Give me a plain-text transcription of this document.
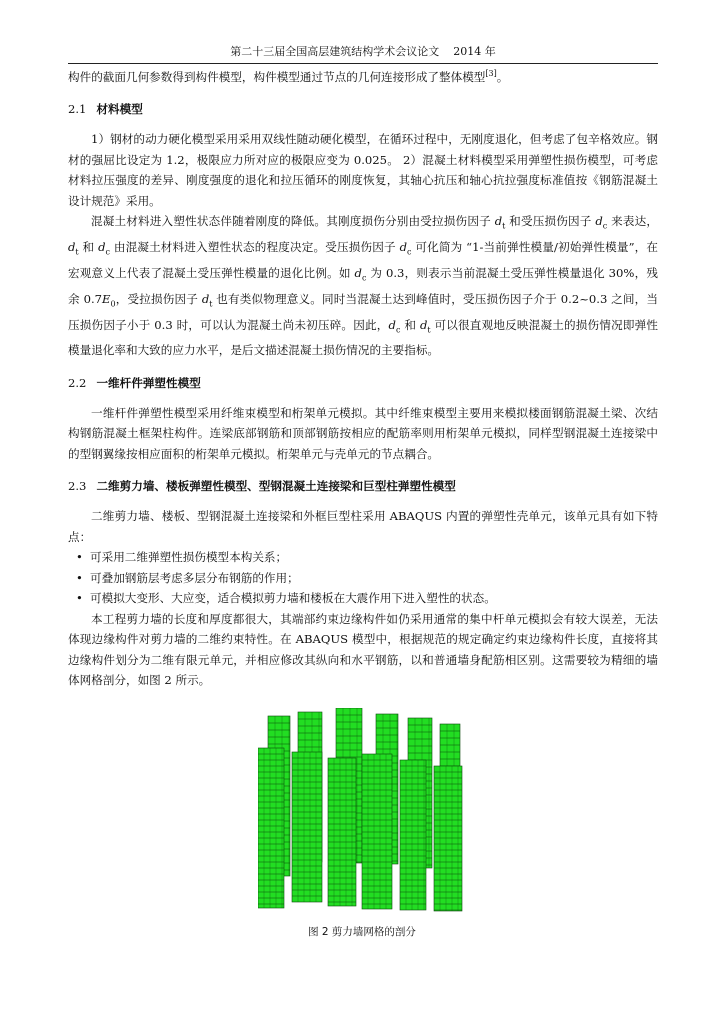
第二十三届全国高层建筑结构学术会议论文 2014 年

构件的截面几何参数得到构件模型，构件模型通过节点的几何连接形成了整体模型[3]。

2.1 材料模型

1）钢材的动力硬化模型采用采用双线性随动硬化模型，在循环过程中，无刚度退化，但考虑了包辛格效应。钢材的强屈比设定为 1.2，极限应力所对应的极限应变为 0.025。 2）混凝土材料模型采用弹塑性损伤模型，可考虑材料拉压强度的差异、刚度强度的退化和拉压循环的刚度恢复，其轴心抗压和轴心抗拉强度标准值按《钢筋混凝土设计规范》采用。

混凝土材料进入塑性状态伴随着刚度的降低。其刚度损伤分别由受拉损伤因子 $d_t$ 和受压损伤因子 $d_c$ 来表达，$d_t$ 和 $d_c$ 由混凝土材料进入塑性状态的程度决定。受压损伤因子 $d_c$ 可化简为 “1-当前弹性模量/初始弹性模量”，在宏观意义上代表了混凝土受压弹性模量的退化比例。如 $d_c$ 为 0.3，则表示当前混凝土受压弹性模量退化 30%，残余 $0.7E_0$，受拉损伤因子 $d_t$ 也有类似物理意义。同时当混凝土达到峰值时，受压损伤因子介于 0.2~0.3 之间，当压损伤因子小于 0.3 时，可以认为混凝土尚未初压碎。因此，$d_c$ 和 $d_t$ 可以很直观地反映混凝土的损伤情况即弹性模量退化率和大致的应力水平，是后文描述混凝土损伤情况的主要指标。

2.2 一维杆件弹塑性模型

一维杆件弹塑性模型采用纤维束模型和桁架单元模拟。其中纤维束模型主要用来模拟楼面钢筋混凝土梁、次结构钢筋混凝土框架柱构件。连梁底部钢筋和顶部钢筋按相应的配筋率则用桁架单元模拟，同样型钢混凝土连接梁中的型钢翼缘按相应面积的桁架单元模拟。桁架单元与壳单元的节点耦合。

2.3 二维剪力墙、楼板弹塑性模型、型钢混凝土连接梁和巨型柱弹塑性模型

二维剪力墙、楼板、型钢混凝土连接梁和外框巨型柱采用 ABAQUS 内置的弹塑性壳单元，该单元具有如下特点：

• 可采用二维弹塑性损伤模型本构关系；
• 可叠加钢筋层考虑多层分布钢筋的作用；
• 可模拟大变形、大应变，适合模拟剪力墙和楼板在大震作用下进入塑性的状态。

本工程剪力墙的长度和厚度都很大，其端部约束边缘构件如仍采用通常的集中杆单元模拟会有较大误差，无法体现边缘构件对剪力墙的二维约束特性。在 ABAQUS 模型中，根据规范的规定确定约束边缘构件长度，直接将其边缘构件划分为二维有限元单元，并相应修改其纵向和水平钢筋，以和普通墙身配筋相区别。这需要较为精细的墙体网格剖分，如图 2 所示。

图 2 剪力墙网格的剖分
